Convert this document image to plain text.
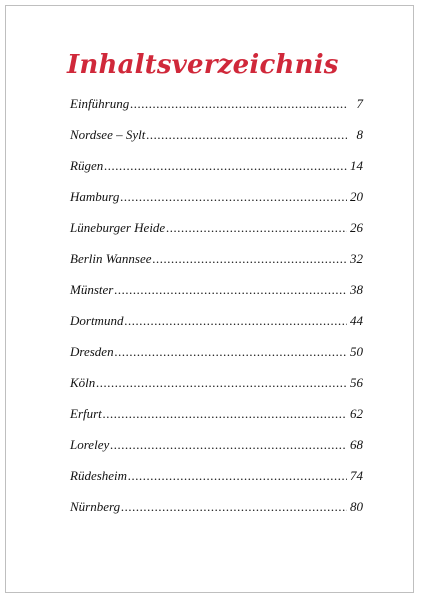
Inhaltsverzeichnis
Einführung .....	7
Nordsee – Sylt .....	8
Rügen .....	14
Hamburg .....	20
Lüneburger Heide .....	26
Berlin Wannsee .....	32
Münster .....	38
Dortmund .....	44
Dresden .....	50
Köln .....	56
Erfurt .....	62
Loreley .....	68
Rüdesheim .....	74
Nürnberg .....	80
